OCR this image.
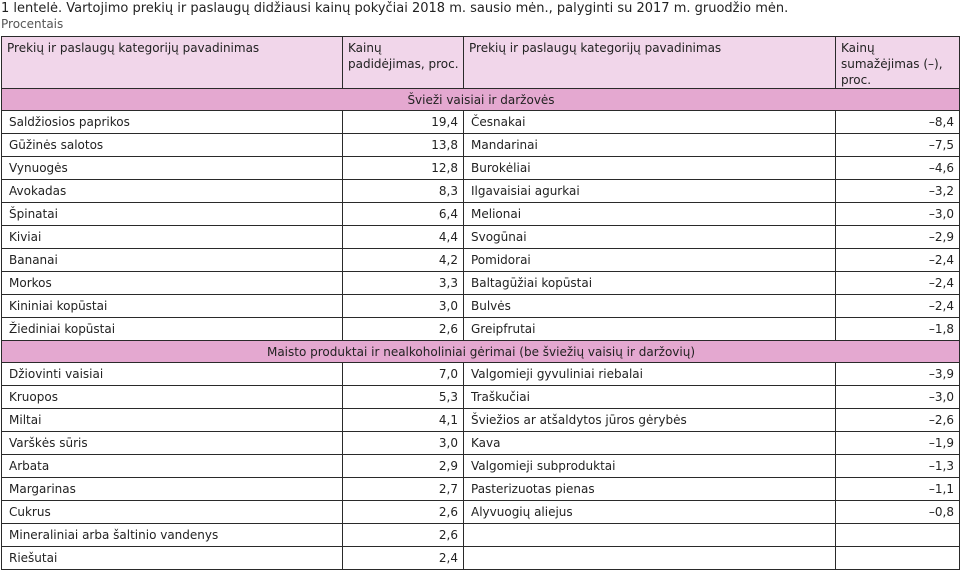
1 lentelė. Vartojimo prekių ir paslaugų didžiausi kainų pokyčiai 2018 m. sausio mėn., palyginti su 2017 m. gruodžio mėn.
Procentais
Prekių ir paslaugų kategorijų pavadinimas	Kainų padidėjimas, proc.	Prekių ir paslaugų kategorijų pavadinimas	Kainų sumažėjimas (–), proc.
Švieži vaisiai ir daržovės			
Saldžiosios paprikos	19,4	Česnakai	–8,4
Gūžinės salotos	13,8	Mandarinai	–7,5
Vynuogės	12,8	Burokėliai	–4,6
Avokadas	8,3	Ilgavaisiai agurkai	–3,2
Špinatai	6,4	Melionai	–3,0
Kiviai	4,4	Svogūnai	–2,9
Bananai	4,2	Pomidorai	–2,4
Morkos	3,3	Baltagūžiai kopūstai	–2,4
Kininiai kopūstai	3,0	Bulvės	–2,4
Žiediniai kopūstai	2,6	Greipfrutai	–1,8
Maisto produktai ir nealkoholiniai gėrimai (be šviežių vaisių ir daržovių)			
Džiovinti vaisiai	7,0	Valgomieji gyvuliniai riebalai	–3,9
Kruopos	5,3	Traškučiai	–3,0
Miltai	4,1	Šviežios ar atšaldytos jūros gėrybės	–2,6
Varškės sūris	3,0	Kava	–1,9
Arbata	2,9	Valgomieji subproduktai	–1,3
Margarinas	2,7	Pasterizuotas pienas	–1,1
Cukrus	2,6	Alyvuogių aliejus	–0,8
Mineraliniai arba šaltinio vandenys	2,6		
Riešutai	2,4		
